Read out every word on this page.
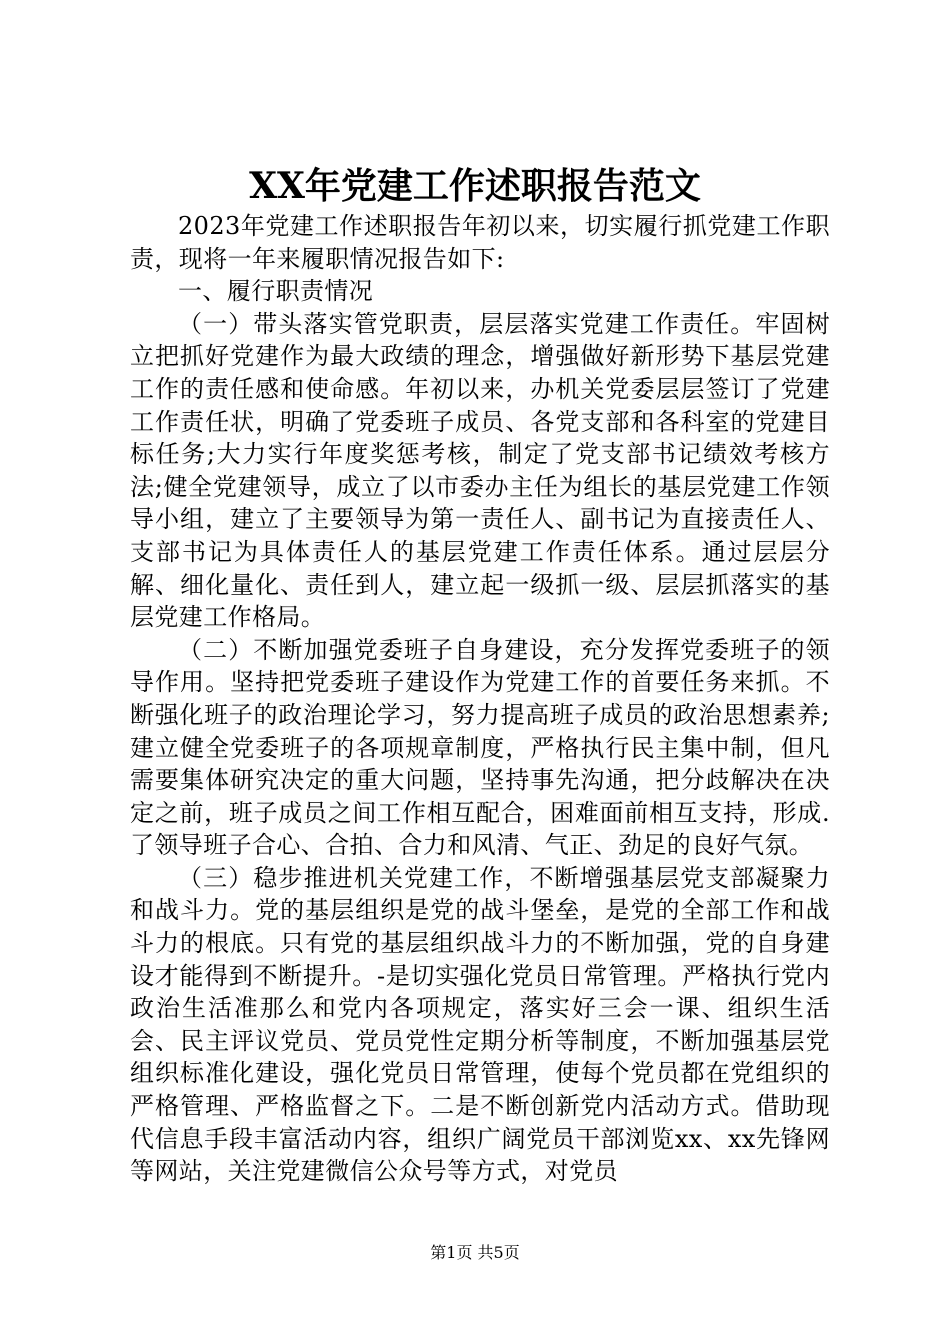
XX年党建工作述职报告范文

2023年党建工作述职报告年初以来，切实履行抓党建工作职责，现将一年来履职情况报告如下:

一、履行职责情况

（一）带头落实管党职责，层层落实党建工作责任。牢固树立把抓好党建作为最大政绩的理念，增强做好新形势下基层党建工作的责任感和使命感。年初以来，办机关党委层层签订了党建工作责任状，明确了党委班子成员、各党支部和各科室的党建目标任务;大力实行年度奖惩考核，制定了党支部书记绩效考核方法;健全党建领导，成立了以市委办主任为组长的基层党建工作领导小组，建立了主要领导为第一责任人、副书记为直接责任人、支部书记为具体责任人的基层党建工作责任体系。通过层层分解、细化量化、责任到人，建立起一级抓一级、层层抓落实的基层党建工作格局。

（二）不断加强党委班子自身建设，充分发挥党委班子的领导作用。坚持把党委班子建设作为党建工作的首要任务来抓。不断强化班子的政治理论学习，努力提高班子成员的政治思想素养;建立健全党委班子的各项规章制度，严格执行民主集中制，但凡需要集体研究决定的重大问题，坚持事先沟通，把分歧解决在决定之前，班子成员之间工作相互配合，困难面前相互支持，形成.了领导班子合心、合拍、合力和风清、气正、劲足的良好气氛。

（三）稳步推进机关党建工作，不断增强基层党支部凝聚力和战斗力。党的基层组织是党的战斗堡垒，是党的全部工作和战斗力的根底。只有党的基层组织战斗力的不断加强，党的自身建设才能得到不断提升。-是切实强化党员日常管理。严格执行党内政治生活准那么和党内各项规定，落实好三会一课、组织生活会、民主评议党员、党员党性定期分析等制度，不断加强基层党组织标准化建设，强化党员日常管理，使每个党员都在党组织的严格管理、严格监督之下。二是不断创新党内活动方式。借助现代信息手段丰富活动内容，组织广阔党员干部浏览xx、xx先锋网等网站，关注党建微信公众号等方式，对党员

第1页 共5页
